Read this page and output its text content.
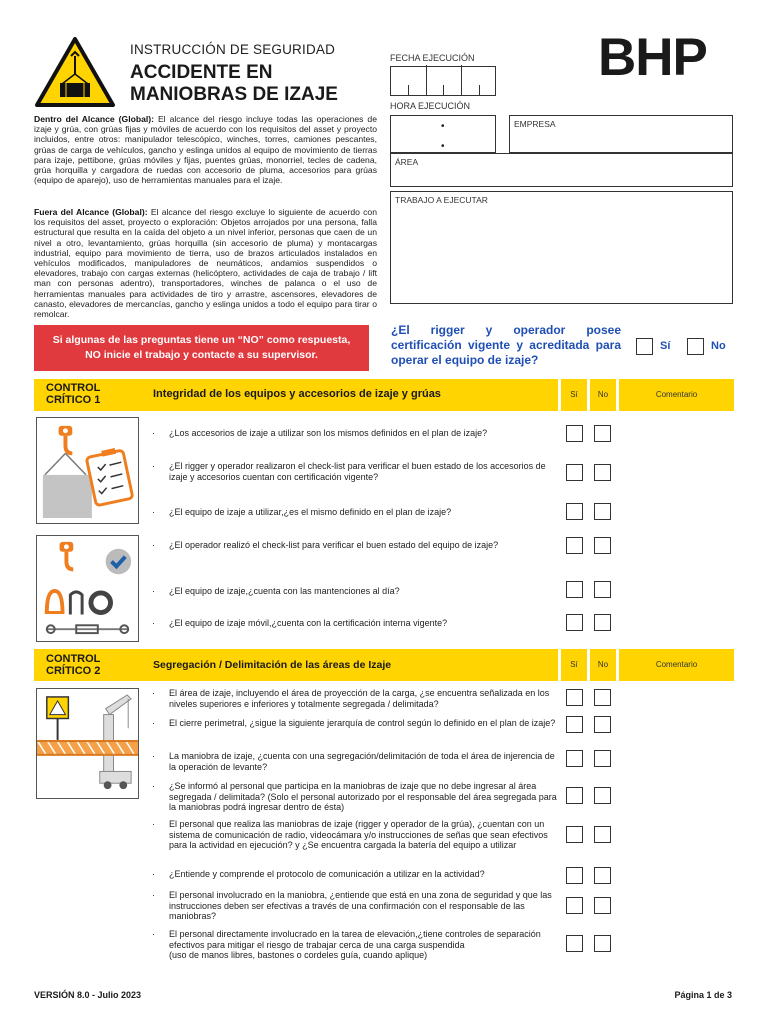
INSTRUCCIÓN DE SEGURIDAD
ACCIDENTE EN
MANIOBRAS DE IZAJE
FECHA EJECUCIÓN
HORA EJECUCIÓN
•

•
EMPRESA
ÁREA
TRABAJO A EJECUTAR
BHP
Dentro del Alcance (Global): El alcance del riesgo incluye todas las operaciones de izaje y grúa, con grúas fijas y móviles de acuerdo con los requisitos del asset y proyecto incluidos, entre otros: manipulador telescópico, winches, torres, camiones pescantes, grúas de carga de vehículos, gancho y eslinga unidos al equipo de movimiento de tierras para izaje, pettibone, grúas móviles y fijas, puentes grúas, monorriel, tecles de cadena, grúa horquilla y cargadora de ruedas con accesorio de pluma, accesorios para grúas (equipo de aparejo), uso de herramientas manuales para el izaje.
Fuera del Alcance (Global): El alcance del riesgo excluye lo siguiente de acuerdo con los requisitos del asset, proyecto o exploración: Objetos arrojados por una persona, falla estructural que resulta en la caída del objeto a un nivel inferior, personas que caen de un nivel a otro, levantamiento, grúas horquilla (sin accesorio de pluma) y montacargas industrial, equipo para movimiento de tierra, uso de brazos articulados instalados en vehículos modificados, manipuladores de neumáticos, andamios suspendidos o elevadores, trabajo con cargas externas (helicóptero, actividades de caja de trabajo / lift man con personas adentro), transportadores, winches de palanca o el uso de herramientas manuales para actividades de tiro y arrastre, ascensores, elevadores de canasto, elevadores de mercancías, gancho y eslinga unidos a todo el equipo para tirar o remolcar.
Si algunas de las preguntas tiene un “NO” como respuesta,
NO inicie el trabajo y contacte a su supervisor.
¿El rigger y operador posee certificación vigente y acreditada para operar el equipo de izaje?
Sí	No
CONTROL
CRÍTICO 1	Integridad de los equipos y accesorios de izaje y grúas	Sí	No	Comentario
·	¿Los accesorios de izaje a utilizar son los mismos definidos en el plan de izaje?
·	¿El rigger y operador realizaron el check-list para verificar el buen estado de los accesorios de izaje y accesorios cuentan con certificación vigente?
·	¿El equipo de izaje a utilizar,¿es el mismo definido en el plan de izaje?
·	¿El operador realizó el check-list para verificar el buen estado del equipo de izaje?
·	¿El equipo de izaje,¿cuenta con las mantenciones al día?
·	¿El equipo de izaje móvil,¿cuenta con la certificación interna vigente?
CONTROL
CRÍTICO 2	Segregación / Delimitación de las áreas de Izaje	Sí	No	Comentario
·	El área de izaje, incluyendo el área de proyección de la carga, ¿se encuentra señalizada en los niveles superiores e inferiores y totalmente segregada / delimitada?
·	El cierre perimetral, ¿sigue la siguiente jerarquía de control según lo definido en el plan de izaje?
·	La maniobra de izaje, ¿cuenta con una segregación/delimitación de toda el área de injerencia de la operación de levante?
·	¿Se informó al personal que participa en la maniobras de izaje que no debe ingresar al área segregada / delimitada? (Solo el personal autorizado por el responsable del área segregada para la maniobras podrá ingresar dentro de ésta)
·	El personal que realiza las maniobras de izaje (rigger y operador de la grúa), ¿cuentan con un sistema de comunicación de radio, videocámara y/o instrucciones de señas que sean efectivos para la actividad en ejecución? y ¿Se encuentra cargada la batería del equipo a utilizar
·	¿Entiende y comprende el protocolo de comunicación a utilizar en la actividad?
·	El personal involucrado en la maniobra, ¿entiende que está en una zona de seguridad y que las instrucciones deben ser efectivas a través de una confirmación con el responsable de las maniobras?
·	El personal directamente involucrado en la tarea de elevación,¿tiene controles de separación efectivos para mitigar el riesgo de trabajar cerca de una carga suspendida
(uso de manos libres, bastones o cordeles guía, cuando aplique)
VERSIÓN 8.0 - Julio 2023	Página 1 de 3
